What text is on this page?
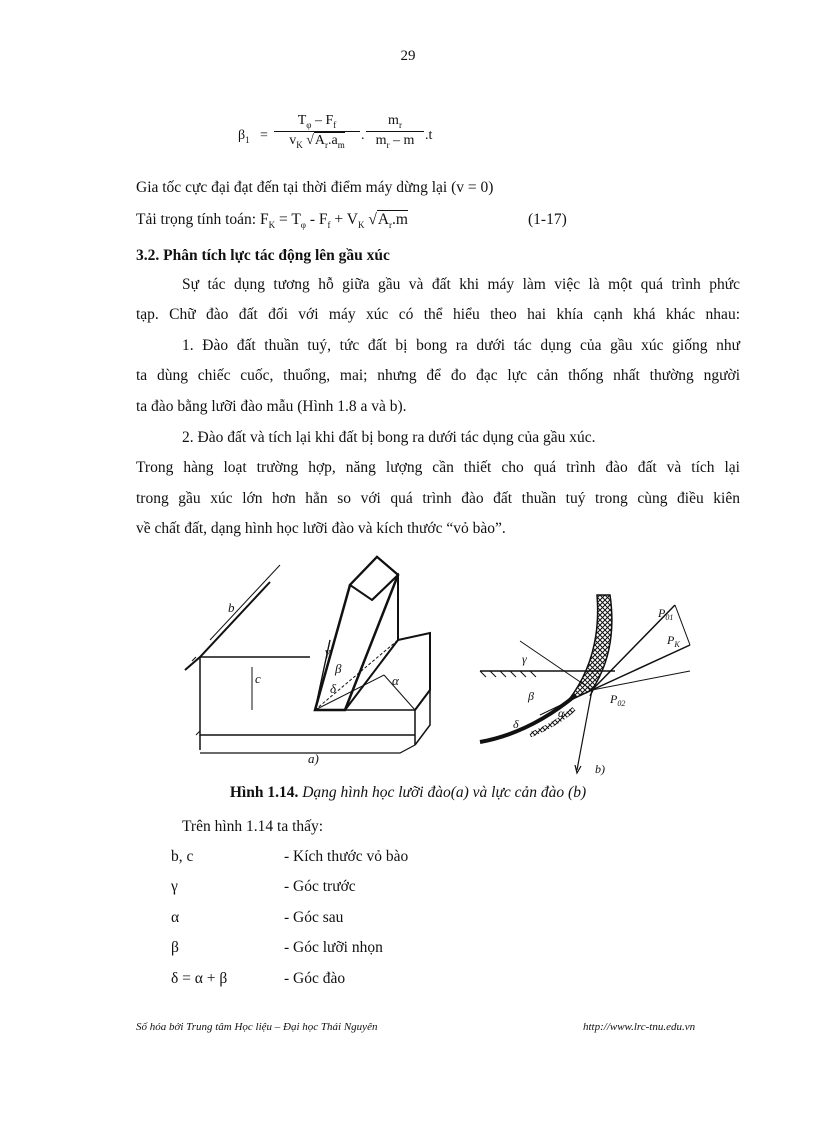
29
$\beta_1 = \frac{T_\varphi - F_f}{v_K √A_r.a_m}$ . $\frac{m_r}{m_r - m} .t$
Gia tốc cực đại đạt đến tại thời điểm máy dừng lại (v = 0)
Tải trọng tính toán: $F_K = T_\varphi - F_f + V_K$ $√A_r.m$	(1-17)
3.2. Phân tích lực tác động lên gầu xúc
Sự tác dụng tương hỗ giữa gầu và đất khi máy làm việc là một quá trình phức
tạp. Chữ đào đất đối với máy xúc có thể hiểu theo hai khía cạnh khá khác nhau:
1. Đào đất thuần tuý, tức đất bị bong ra dưới tác dụng của gầu xúc giống như
ta dùng chiếc cuốc, thuổng, mai; nhưng để đo đạc lực cản thống nhất thường người
ta đào bằng lưỡi đào mẫu (Hình 1.8 a và b).
2. Đào đất và tích lại khi đất bị bong ra dưới tác dụng của gầu xúc.
Trong hàng loạt trường hợp, năng lượng cần thiết cho quá trình đào đất và tích lại
trong gầu xúc lớn hơn hẳn so với quá trình đào đất thuần tuý trong cùng điều kiên
về chất đất, dạng hình học lưỡi đào và kích thước “vỏ bào”.
b
c
γ
β
δ
α
a)
γ
β
δ
α
$P_{01}$
$P_K$
$P_{02}$
b)
Hình 1.14. Dạng hình học lưỡi đào(a) và lực cản đào (b)
Trên hình 1.14 ta thấy:
b, c	- Kích thước vỏ bào
γ	- Góc trước
α	- Góc sau
β	- Góc lưỡi nhọn
δ = α + β	- Góc đào
Số hóa bởi Trung tâm Học liệu – Đại học Thái Nguyên	http://www.lrc-tnu.edu.vn
